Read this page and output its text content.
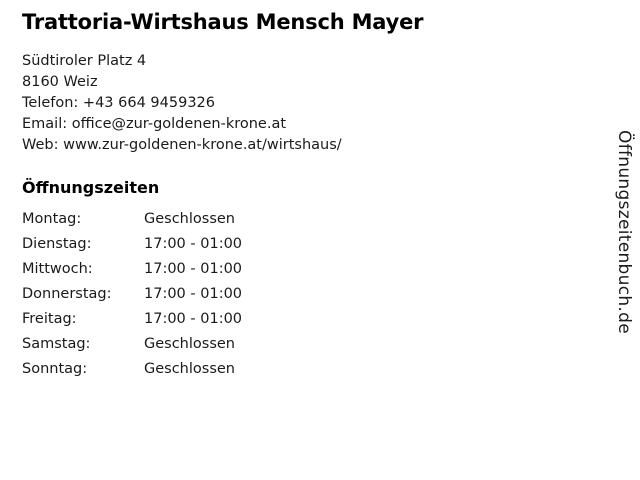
Trattoria-Wirtshaus Mensch Mayer
Südtiroler Platz 4
8160 Weiz
Telefon: +43 664 9459326
Email: office@zur-goldenen-krone.at
Web: www.zur-goldenen-krone.at/wirtshaus/
Öffnungszeiten
Montag:	Geschlossen
Dienstag:	17:00 - 01:00
Mittwoch:	17:00 - 01:00
Donnerstag:	17:00 - 01:00
Freitag:	17:00 - 01:00
Samstag:	Geschlossen
Sonntag:	Geschlossen
Öffnungszeitenbuch.de
